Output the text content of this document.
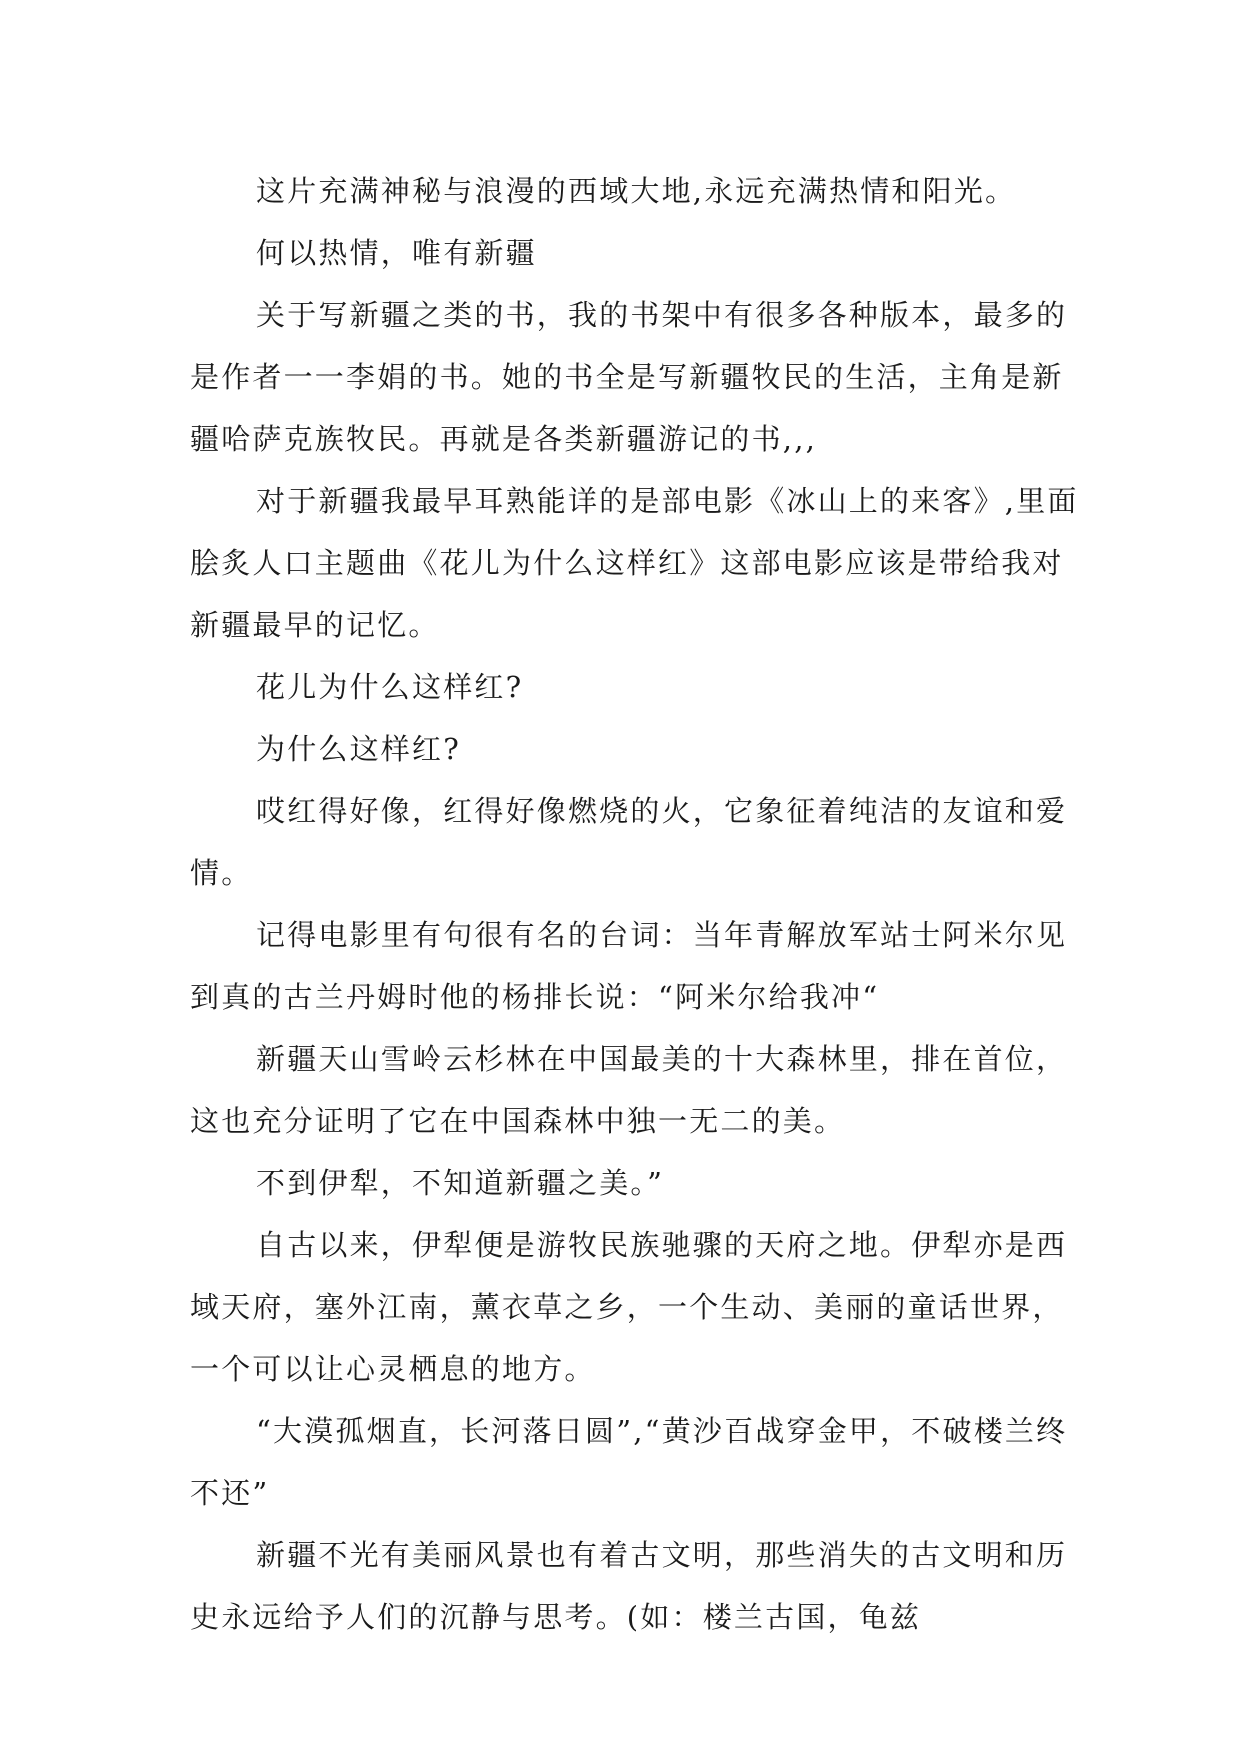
这片充满神秘与浪漫的西域大地,永远充满热情和阳光。

何以热情，唯有新疆

关于写新疆之类的书，我的书架中有很多各种版本，最多的是作者一一李娟的书。她的书全是写新疆牧民的生活，主角是新疆哈萨克族牧民。再就是各类新疆游记的书,,,

对于新疆我最早耳熟能详的是部电影《冰山上的来客》,里面脍炙人口主题曲《花儿为什么这样红》这部电影应该是带给我对新疆最早的记忆。

花儿为什么这样红?

为什么这样红?

哎红得好像，红得好像燃烧的火，它象征着纯洁的友谊和爱情。

记得电影里有句很有名的台词：当年青解放军站士阿米尔见到真的古兰丹姆时他的杨排长说：“阿米尔给我冲“

新疆天山雪岭云杉林在中国最美的十大森林里，排在首位，这也充分证明了它在中国森林中独一无二的美。

不到伊犁，不知道新疆之美。”

自古以来，伊犁便是游牧民族驰骤的天府之地。伊犁亦是西域天府，塞外江南，薰衣草之乡，一个生动、美丽的童话世界，一个可以让心灵栖息的地方。

“大漠孤烟直，长河落日圆”,“黄沙百战穿金甲，不破楼兰终不还”

新疆不光有美丽风景也有着古文明，那些消失的古文明和历史永远给予人们的沉静与思考。(如：楼兰古国，龟兹
